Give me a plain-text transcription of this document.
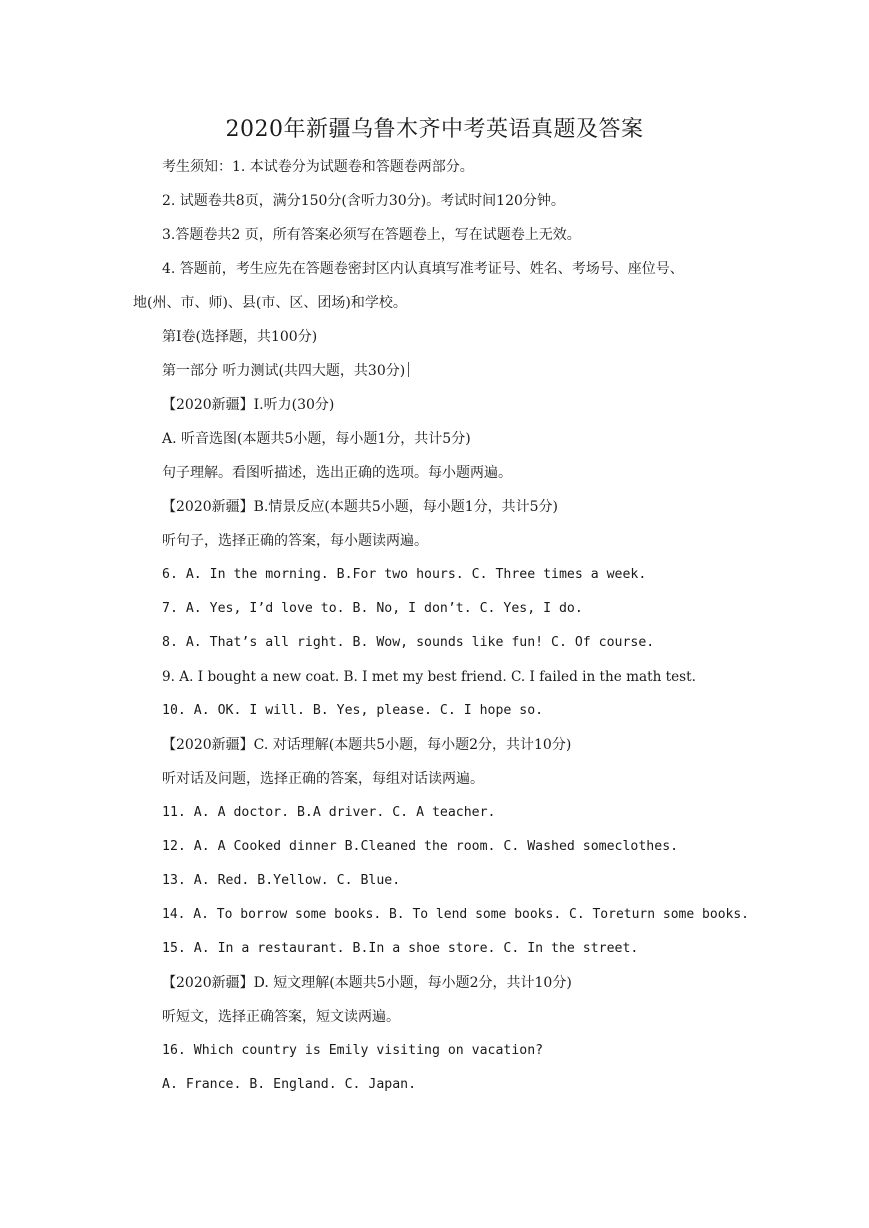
2020年新疆乌鲁木齐中考英语真题及答案
考生须知：1. 本试卷分为试题卷和答题卷两部分。
2. 试题卷共8页，满分150分(含听力30分)。考试时间120分钟。
3.答题卷共2 页，所有答案必须写在答题卷上，写在试题卷上无效。
4. 答题前，考生应先在答题卷密封区内认真填写准考证号、姓名、考场号、座位号、
地(州、市、师)、县(市、区、团场)和学校。
第I卷(选择题，共100分)
第一部分 听力测试(共四大题，共30分)
【2020新疆】I.听力(30分)
A. 听音选图(本题共5小题，每小题1分，共计5分)
句子理解。看图听描述，选出正确的选项。每小题两遍。
【2020新疆】B.情景反应(本题共5小题，每小题1分，共计5分)
听句子，选择正确的答案，每小题读两遍。
6. A. In the morning. B.For two hours. C. Three times a week.
7. A. Yes, I’d love to. B. No, I don’t. C. Yes, I do.
8. A. That’s all right. B. Wow, sounds like fun! C. Of course.
9. A. I bought a new coat. B. I met my best friend. C. I failed in the math test.
10. A. OK. I will. B. Yes, please. C. I hope so.
【2020新疆】C. 对话理解(本题共5小题，每小题2分，共计10分)
听对话及问题，选择正确的答案，每组对话读两遍。
11. A. A doctor. B.A driver. C. A teacher.
12. A. A Cooked dinner B.Cleaned the room. C. Washed someclothes.
13. A. Red. B.Yellow. C. Blue.
14. A. To borrow some books. B. To lend some books. C. Toreturn some books.
15. A. In a restaurant. B.In a shoe store. C. In the street.
【2020新疆】D. 短文理解(本题共5小题，每小题2分，共计10分)
听短文，选择正确答案，短文读两遍。
16. Which country is Emily visiting on vacation?
A. France. B. England. C. Japan.
